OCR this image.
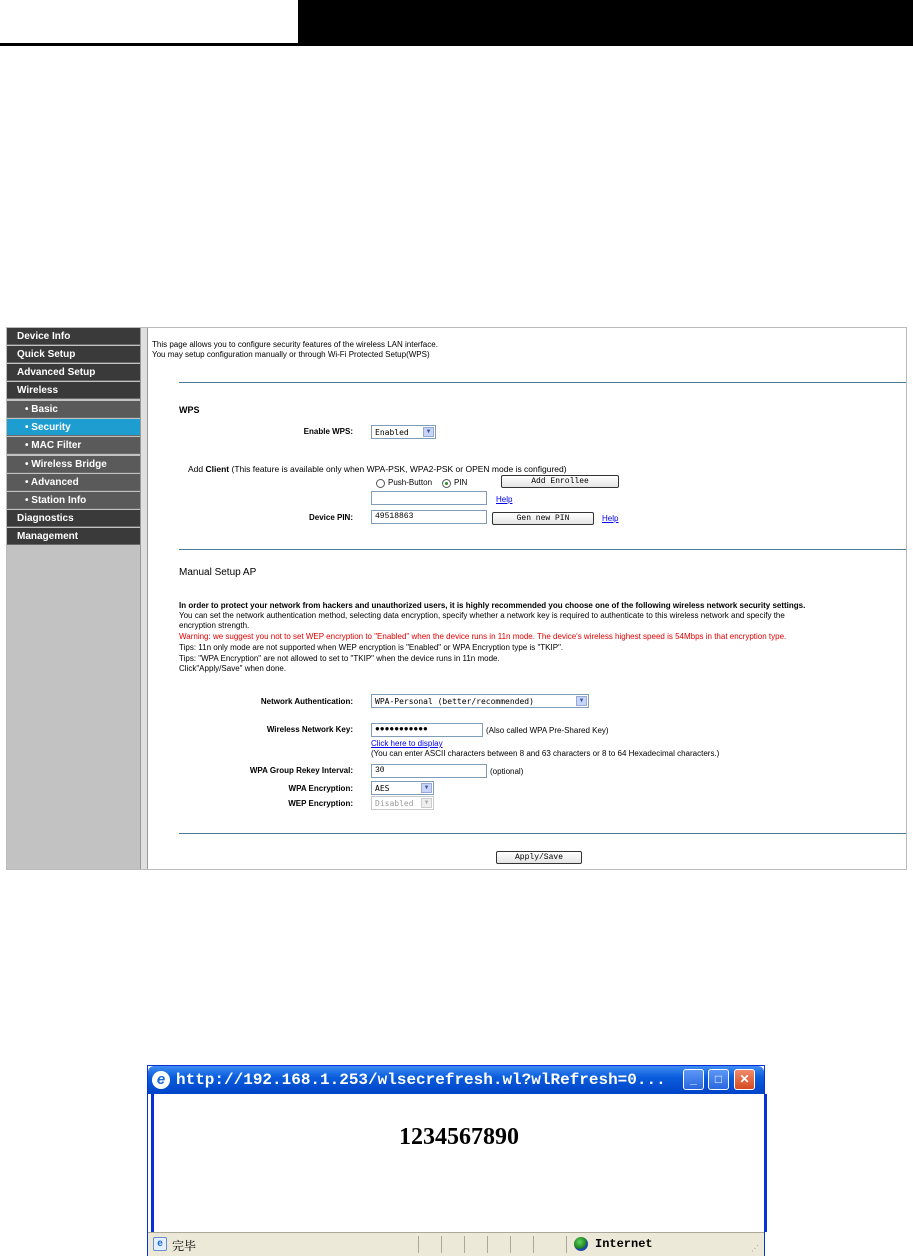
Device Info
Quick Setup
Advanced Setup
Wireless
• Basic
• Security
• MAC Filter
• Wireless Bridge
• Advanced
• Station Info
Diagnostics
Management
This page allows you to configure security features of the wireless LAN interface.
You may setup configuration manually or through Wi-Fi Protected Setup(WPS)
WPS
Enable WPS:	Enabled	▼
Add Client (This feature is available only when WPA-PSK, WPA2-PSK or OPEN mode is configured)
Push-Button	PIN	Add Enrollee
Help
Device PIN:	49518863	Gen new PIN	Help
Manual Setup AP
In order to protect your network from hackers and unauthorized users, it is highly recommended you choose one of the following wireless network security settings.
You can set the network authentication method, selecting data encryption, specify whether a network key is required to authenticate to this wireless network and specify the
encryption strength.
Warning: we suggest you not to set WEP encryption to "Enabled" when the device runs in 11n mode. The device's wireless highest speed is 54Mbps in that encryption type.
Tips: 11n only mode are not supported when WEP encryption is "Enabled" or WPA Encryption type is "TKIP".
Tips: "WPA Encryption" are not allowed to set to "TKIP" when the device runs in 11n mode.
Click"Apply/Save" when done.
Network Authentication:	WPA-Personal (better/recommended)	▼
Wireless Network Key:	●●●●●●●●●●●	(Also called WPA Pre-Shared Key)
Click here to display
(You can enter ASCII characters between 8 and 63 characters or 8 to 64 Hexadecimal characters.)
WPA Group Rekey Interval:	30	(optional)
WPA Encryption:	AES	▼
WEP Encryption:	Disabled	▼
Apply/Save
e http://192.168.1.253/wlsecrefresh.wl?wlRefresh=0...	_	□	✕
1234567890
e 完毕	Internet	⋰
